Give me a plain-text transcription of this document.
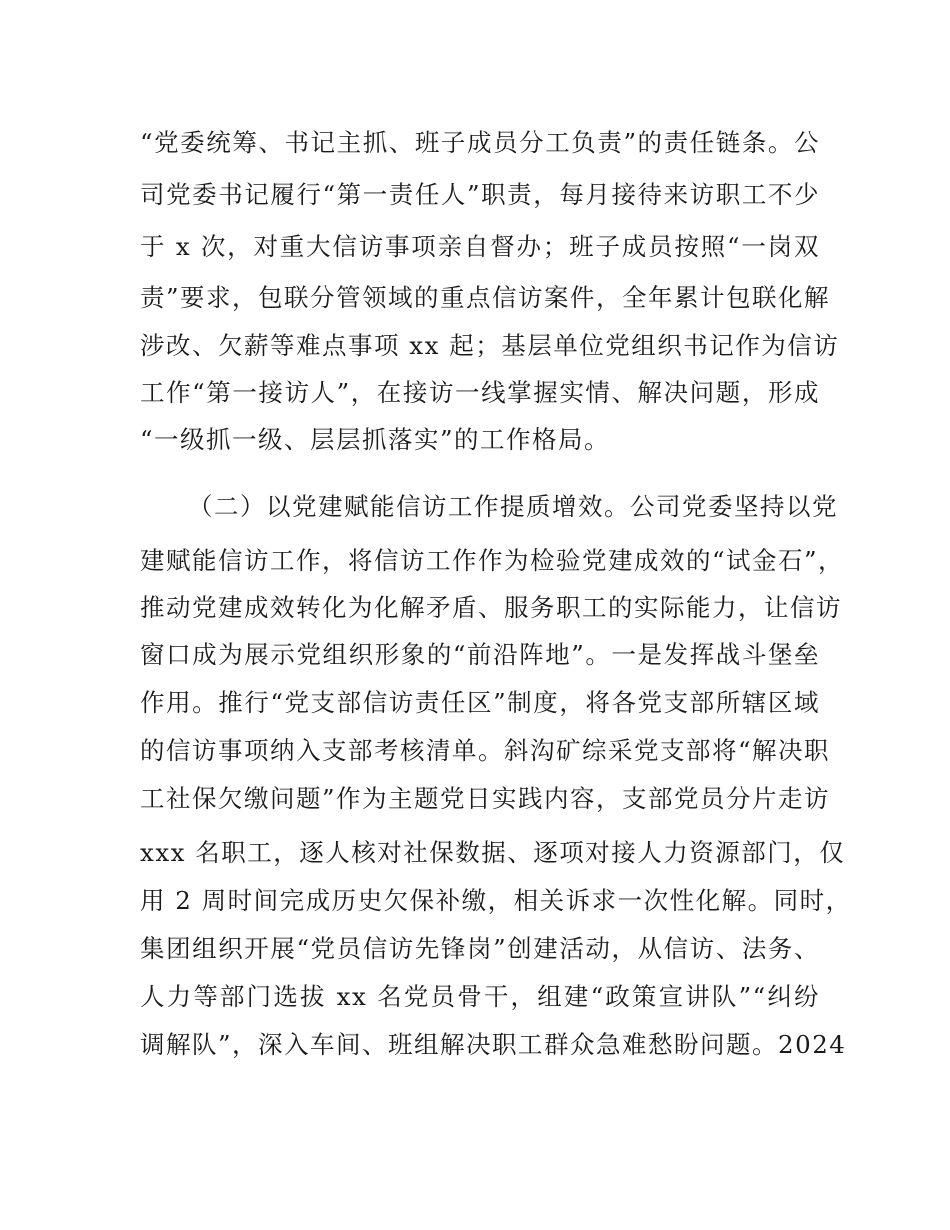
“党委统筹、书记主抓、班子成员分工负责”的责任链条。公
司党委书记履行“第一责任人”职责，每月接待来访职工不少
于 x 次，对重大信访事项亲自督办；班子成员按照“一岗双
责”要求，包联分管领域的重点信访案件，全年累计包联化解
涉改、欠薪等难点事项 xx 起；基层单位党组织书记作为信访
工作“第一接访人”，在接访一线掌握实情、解决问题，形成
“一级抓一级、层层抓落实”的工作格局。
（二）以党建赋能信访工作提质增效。公司党委坚持以党
建赋能信访工作，将信访工作作为检验党建成效的“试金石”，
推动党建成效转化为化解矛盾、服务职工的实际能力，让信访
窗口成为展示党组织形象的“前沿阵地”。一是发挥战斗堡垒
作用。推行“党支部信访责任区”制度，将各党支部所辖区域
的信访事项纳入支部考核清单。斜沟矿综采党支部将“解决职
工社保欠缴问题”作为主题党日实践内容，支部党员分片走访
xxx 名职工，逐人核对社保数据、逐项对接人力资源部门，仅
用 2 周时间完成历史欠保补缴，相关诉求一次性化解。同时，
集团组织开展“党员信访先锋岗”创建活动，从信访、法务、
人力等部门选拔 xx 名党员骨干，组建“政策宣讲队”“纠纷
调解队”，深入车间、班组解决职工群众急难愁盼问题。2024
